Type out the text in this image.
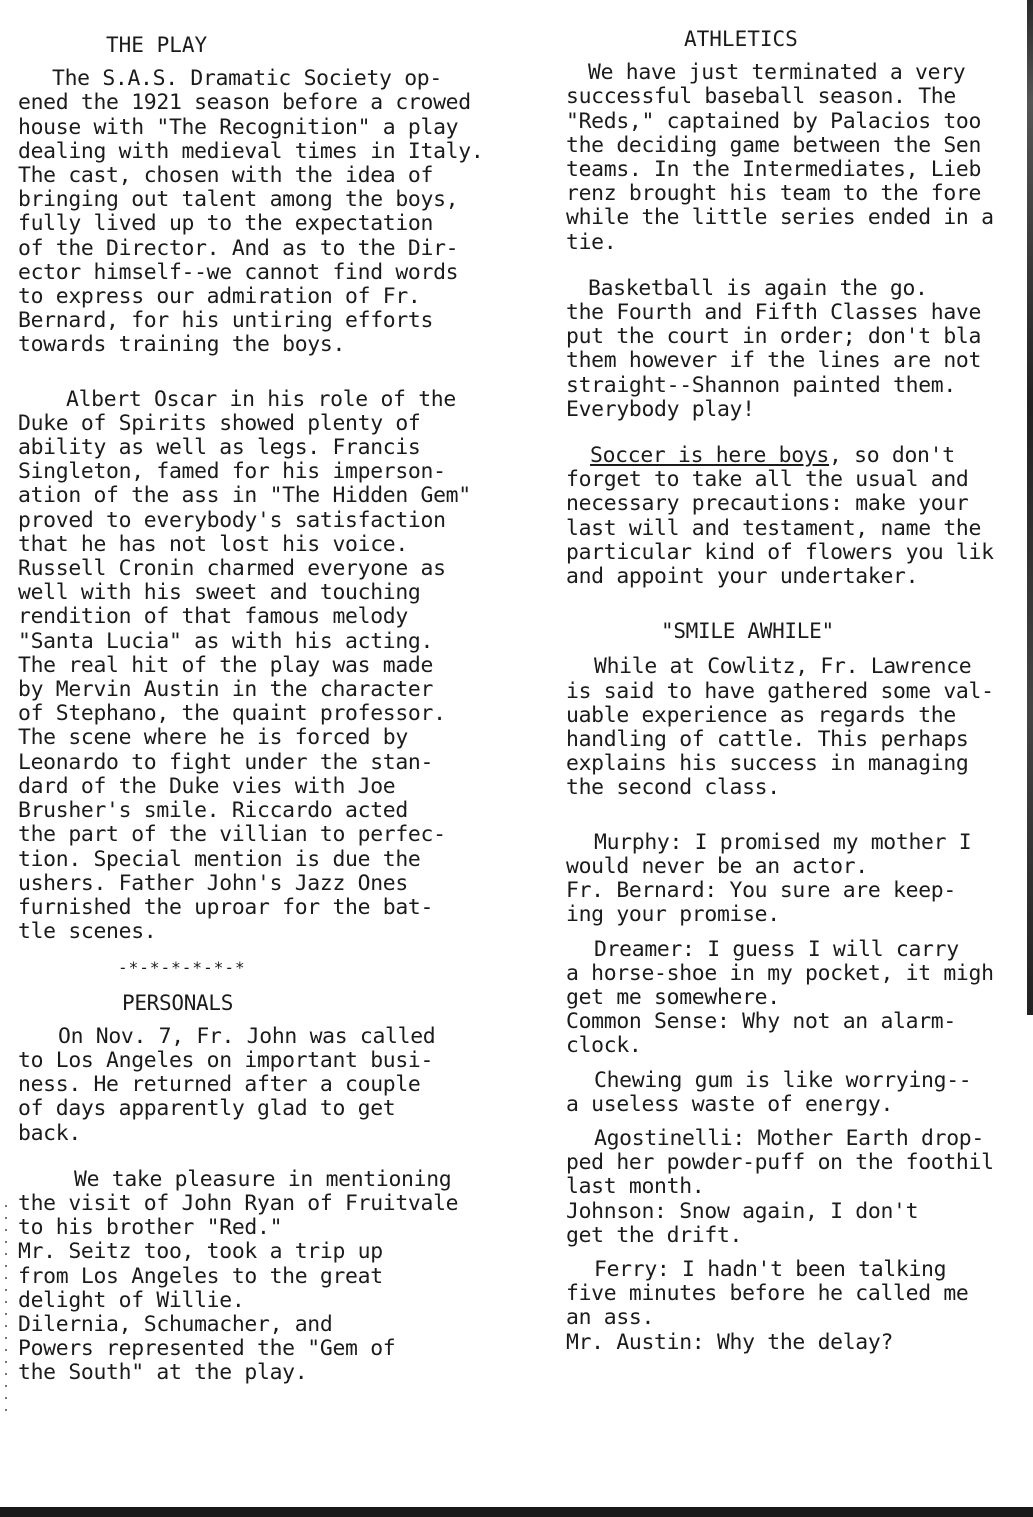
THE PLAY

The S.A.S. Dramatic Society op-
ened the 1921 season before a crowed
house with "The Recognition" a play
dealing with medieval times in Italy.
The cast, chosen with the idea of
bringing out talent among the boys,
fully lived up to the expectation
of the Director. And as to the Dir-
ector himself--we cannot find words
to express our admiration of Fr.
Bernard, for his untiring efforts
towards training the boys.

Albert Oscar in his role of the
Duke of Spirits showed plenty of
ability as well as legs. Francis
Singleton, famed for his imperson-
ation of the ass in "The Hidden Gem"
proved to everybody's satisfaction
that he has not lost his voice.
Russell Cronin charmed everyone as
well with his sweet and touching
rendition of that famous melody
"Santa Lucia" as with his acting.
The real hit of the play was made
by Mervin Austin in the character
of Stephano, the quaint professor.
The scene where he is forced by
Leonardo to fight under the stan-
dard of the Duke vies with Joe
Brusher's smile. Riccardo acted
the part of the villian to perfec-
tion. Special mention is due the
ushers. Father John's Jazz Ones
furnished the uproar for the bat-
tle scenes.

-*-*-*-*-*-*
PERSONALS

On Nov. 7, Fr. John was called
to Los Angeles on important busi-
ness. He returned after a couple
of days apparently glad to get
back.

We take pleasure in mentioning
the visit of John Ryan of Fruitvale
to his brother "Red."
Mr. Seitz too, took a trip up
from Los Angeles to the great
delight of Willie.
Dilernia, Schumacher, and
Powers represented the "Gem of
the South" at the play.

ATHLETICS

We have just terminated a very
successful baseball season. The
"Reds," captained by Palacios too
the deciding game between the Sen
teams. In the Intermediates, Lieb
renz brought his team to the fore
while the little series ended in a
tie.

Basketball is again the go.
the Fourth and Fifth Classes have
put the court in order; don't bla
them however if the lines are not
straight--Shannon painted them.
Everybody play!

Soccer is here boys, so don't
forget to take all the usual and
necessary precautions: make your
last will and testament, name the
particular kind of flowers you lik
and appoint your undertaker.

"SMILE AWHILE"

While at Cowlitz, Fr. Lawrence
is said to have gathered some val-
uable experience as regards the
handling of cattle. This perhaps
explains his success in managing
the second class.

Murphy: I promised my mother I
would never be an actor.
Fr. Bernard: You sure are keep-
ing your promise.

Dreamer: I guess I will carry
a horse-shoe in my pocket, it migh
get me somewhere.
Common Sense: Why not an alarm-
clock.

Chewing gum is like worrying--
a useless waste of energy.

Agostinelli: Mother Earth drop-
ped her powder-puff on the foothil
last month.
Johnson: Snow again, I don't
get the drift.

Ferry: I hadn't been talking
five minutes before he called me
an ass.
Mr. Austin: Why the delay?
